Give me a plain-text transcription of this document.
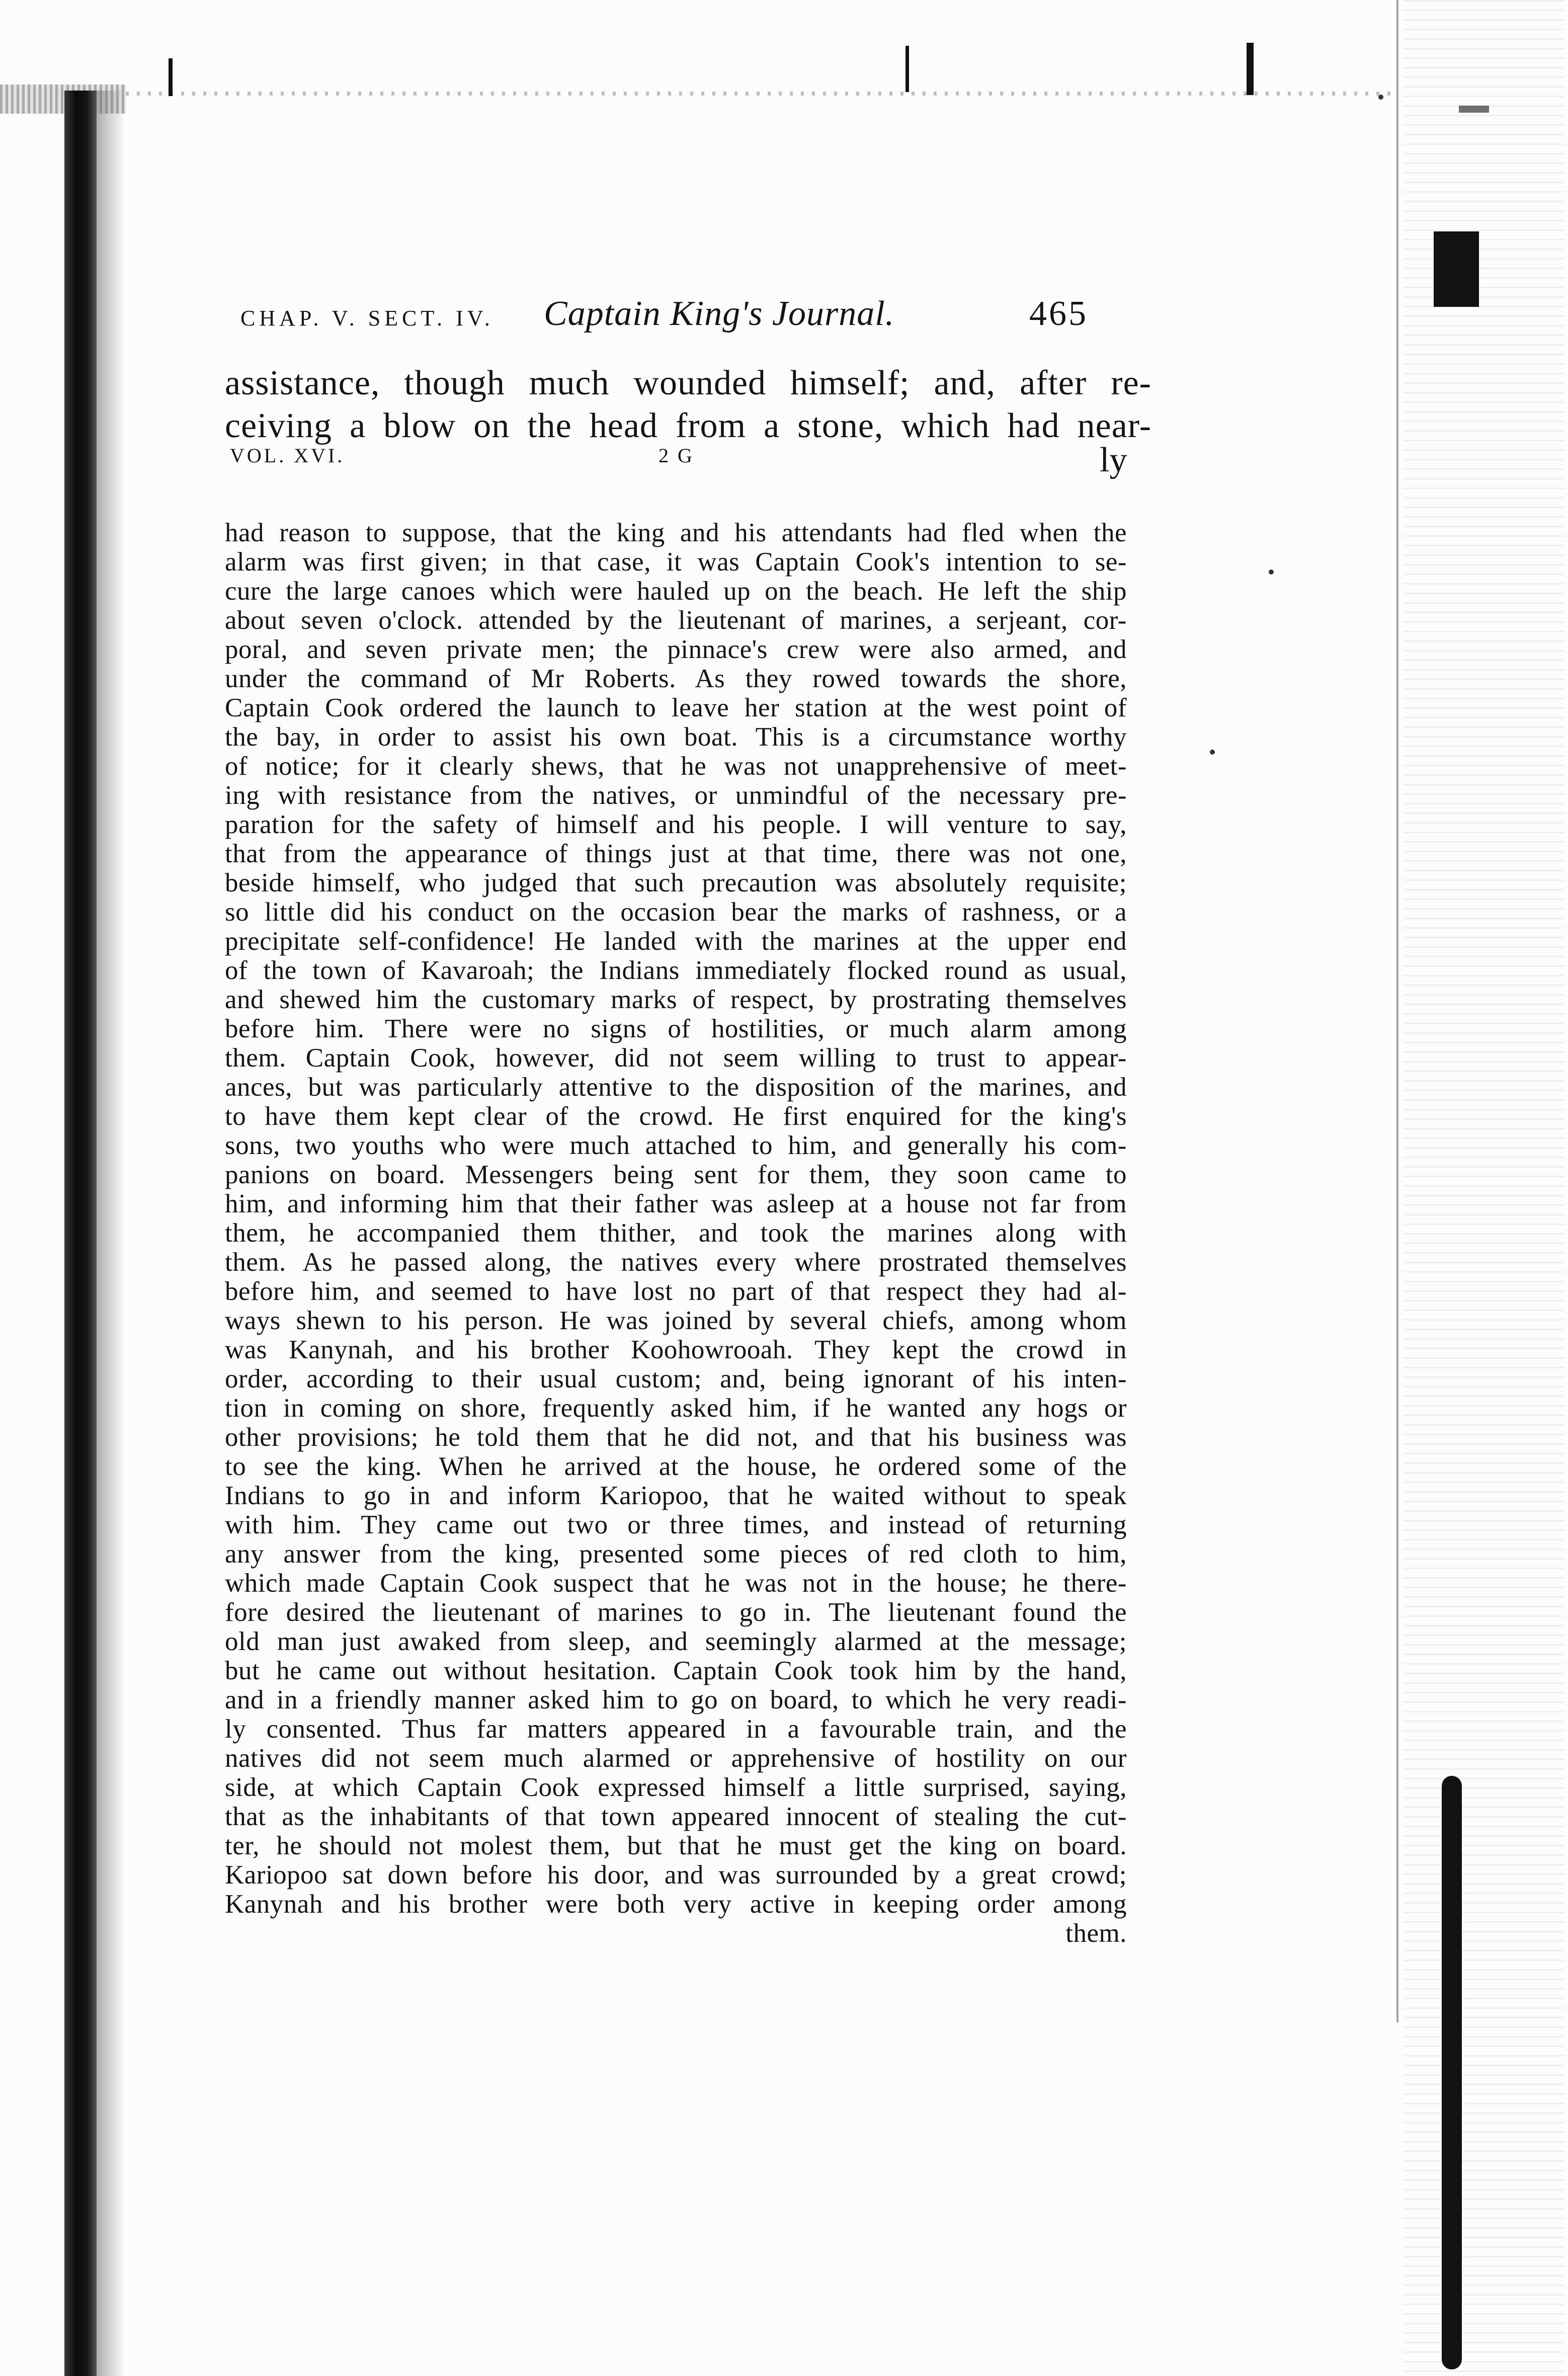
CHAP. V. SECT. IV. Captain King's Journal.	465
assistance, though much wounded himself; and, after re-
ceiving a blow on the head from a stone, which had near-
VOL. XVI.	2 G	ly
had reason to suppose, that the king and his attendants had fled when the
alarm was first given; in that case, it was Captain Cook's intention to se-
cure the large canoes which were hauled up on the beach. He left the ship
about seven o'clock. attended by the lieutenant of marines, a serjeant, cor-
poral, and seven private men; the pinnace's crew were also armed, and
under the command of Mr Roberts. As they rowed towards the shore,
Captain Cook ordered the launch to leave her station at the west point of
the bay, in order to assist his own boat. This is a circumstance worthy
of notice; for it clearly shews, that he was not unapprehensive of meet-
ing with resistance from the natives, or unmindful of the necessary pre-
paration for the safety of himself and his people. I will venture to say,
that from the appearance of things just at that time, there was not one,
beside himself, who judged that such precaution was absolutely requisite;
so little did his conduct on the occasion bear the marks of rashness, or a
precipitate self-confidence! He landed with the marines at the upper end
of the town of Kavaroah; the Indians immediately flocked round as usual,
and shewed him the customary marks of respect, by prostrating themselves
before him. There were no signs of hostilities, or much alarm among
them. Captain Cook, however, did not seem willing to trust to appear-
ances, but was particularly attentive to the disposition of the marines, and
to have them kept clear of the crowd. He first enquired for the king's
sons, two youths who were much attached to him, and generally his com-
panions on board. Messengers being sent for them, they soon came to
him, and informing him that their father was asleep at a house not far from
them, he accompanied them thither, and took the marines along with
them. As he passed along, the natives every where prostrated themselves
before him, and seemed to have lost no part of that respect they had al-
ways shewn to his person. He was joined by several chiefs, among whom
was Kanynah, and his brother Koohowrooah. They kept the crowd in
order, according to their usual custom; and, being ignorant of his inten-
tion in coming on shore, frequently asked him, if he wanted any hogs or
other provisions; he told them that he did not, and that his business was
to see the king. When he arrived at the house, he ordered some of the
Indians to go in and inform Kariopoo, that he waited without to speak
with him. They came out two or three times, and instead of returning
any answer from the king, presented some pieces of red cloth to him,
which made Captain Cook suspect that he was not in the house; he there-
fore desired the lieutenant of marines to go in. The lieutenant found the
old man just awaked from sleep, and seemingly alarmed at the message;
but he came out without hesitation. Captain Cook took him by the hand,
and in a friendly manner asked him to go on board, to which he very readi-
ly consented. Thus far matters appeared in a favourable train, and the
natives did not seem much alarmed or apprehensive of hostility on our
side, at which Captain Cook expressed himself a little surprised, saying,
that as the inhabitants of that town appeared innocent of stealing the cut-
ter, he should not molest them, but that he must get the king on board.
Kariopoo sat down before his door, and was surrounded by a great crowd;
Kanynah and his brother were both very active in keeping order among
them.
